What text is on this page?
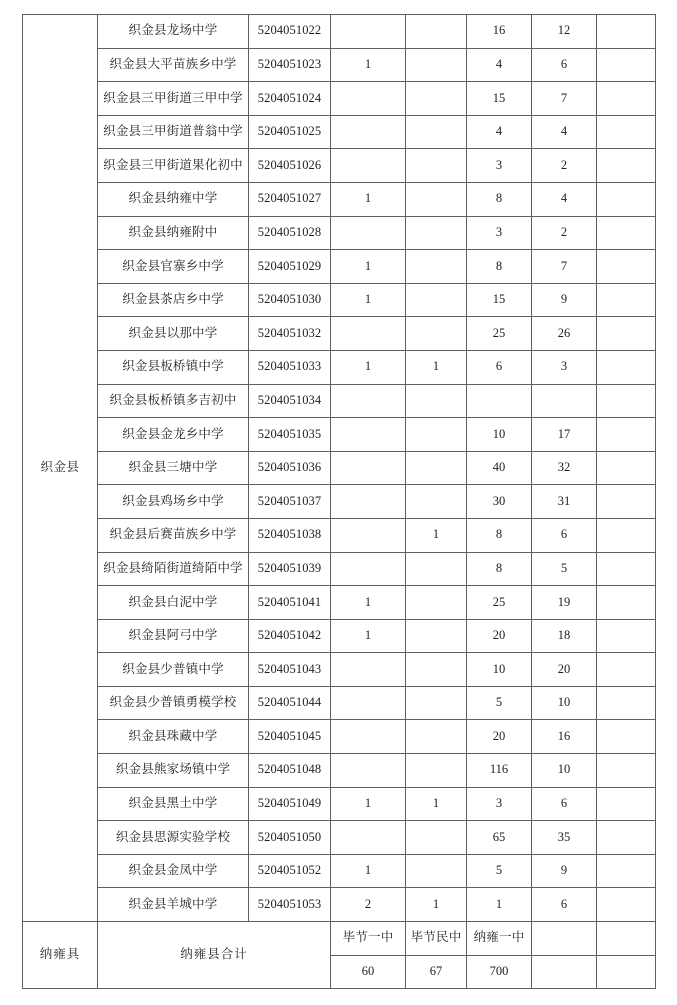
织金县	织金县龙场中学	5204051022			16	12	
	织金县大平苗族乡中学	5204051023	1		4	6	
	织金县三甲街道三甲中学	5204051024			15	7	
	织金县三甲街道普翁中学	5204051025			4	4	
	织金县三甲街道果化初中	5204051026			3	2	
	织金县纳雍中学	5204051027	1		8	4	
	织金县纳雍附中	5204051028			3	2	
	织金县官寨乡中学	5204051029	1		8	7	
	织金县茶店乡中学	5204051030	1		15	9	
	织金县以那中学	5204051032			25	26	
	织金县板桥镇中学	5204051033	1	1	6	3	
	织金县板桥镇多吉初中	5204051034					
	织金县金龙乡中学	5204051035			10	17	
	织金县三塘中学	5204051036			40	32	
	织金县鸡场乡中学	5204051037			30	31	
	织金县后赛苗族乡中学	5204051038		1	8	6	
	织金县绮陌街道绮陌中学	5204051039			8	5	
	织金县白泥中学	5204051041	1		25	19	
	织金县阿弓中学	5204051042	1		20	18	
	织金县少普镇中学	5204051043			10	20	
	织金县少普镇勇模学校	5204051044			5	10	
	织金县珠藏中学	5204051045			20	16	
	织金县熊家场镇中学	5204051048			116	10	
	织金县黑土中学	5204051049	1	1	3	6	
	织金县思源实验学校	5204051050			65	35	
	织金县金凤中学	5204051052	1		5	9	
	织金县羊城中学	5204051053	2	1	1	6	
纳雍具	纳雍县合计		毕节一中	毕节民中	纳雍一中		
			60	67	700		
